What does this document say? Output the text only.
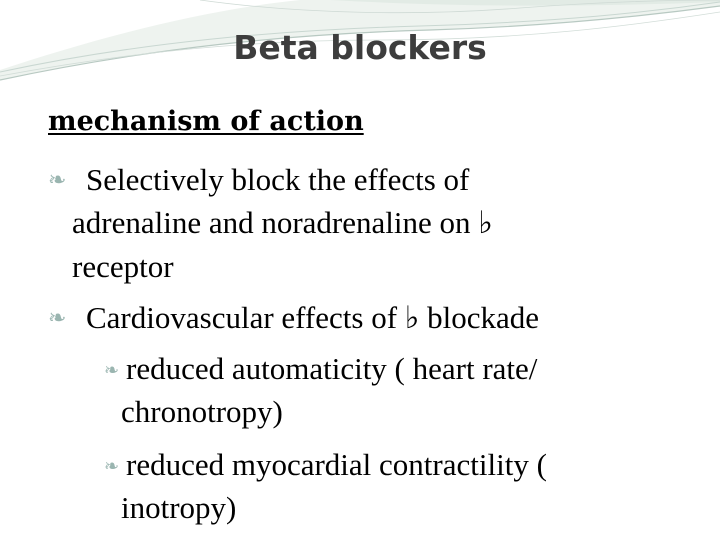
Beta blockers
mechanism of action
❧ Selectively block the effects of
adrenaline and noradrenaline on ♭
receptor
❧ Cardiovascular effects of ♭ blockade
❧ reduced automaticity ( heart rate/
chronotropy)
❧ reduced myocardial contractility (
inotropy)
